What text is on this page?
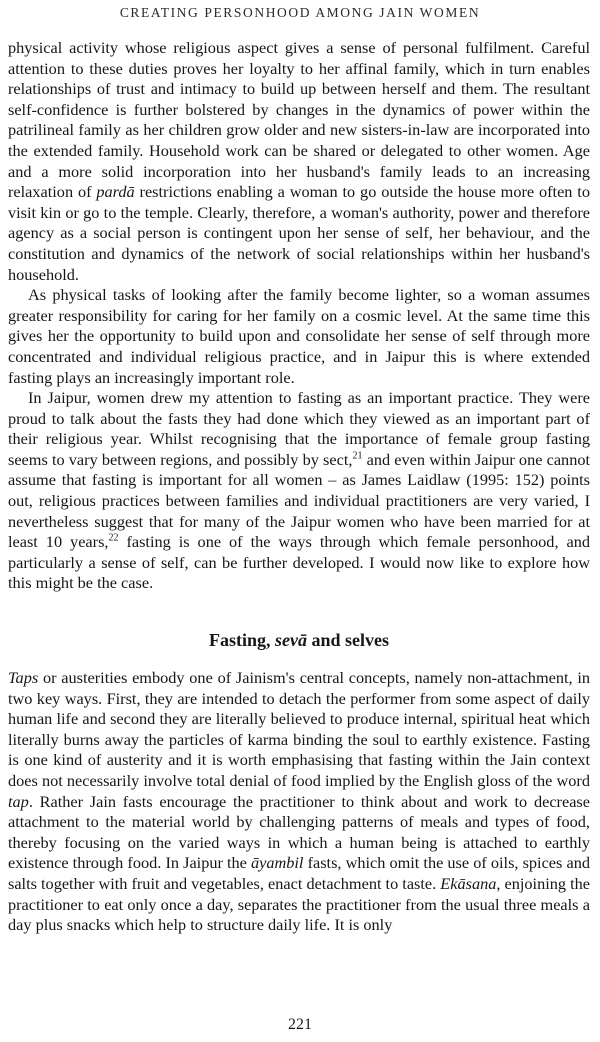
CREATING PERSONHOOD AMONG JAIN WOMEN

physical activity whose religious aspect gives a sense of personal fulfilment. Careful attention to these duties proves her loyalty to her affinal family, which in turn enables relationships of trust and intimacy to build up between herself and them. The resultant self-confidence is further bolstered by changes in the dynamics of power within the patrilineal family as her children grow older and new sisters-in-law are incorporated into the extended family. Household work can be shared or delegated to other women. Age and a more solid incorporation into her husband's family leads to an increasing relaxation of pardā restrictions enabling a woman to go outside the house more often to visit kin or go to the temple. Clearly, therefore, a woman's authority, power and therefore agency as a social person is contingent upon her sense of self, her behaviour, and the constitution and dynamics of the network of social relationships within her husband's household.

As physical tasks of looking after the family become lighter, so a woman assumes greater responsibility for caring for her family on a cosmic level. At the same time this gives her the opportunity to build upon and consolidate her sense of self through more concentrated and individual religious practice, and in Jaipur this is where extended fasting plays an increasingly important role.

In Jaipur, women drew my attention to fasting as an important practice. They were proud to talk about the fasts they had done which they viewed as an important part of their religious year. Whilst recognising that the importance of female group fasting seems to vary between regions, and possibly by sect,$^{21}$ and even within Jaipur one cannot assume that fasting is important for all women – as James Laidlaw (1995: 152) points out, religious practices between families and individual practitioners are very varied, I nevertheless suggest that for many of the Jaipur women who have been married for at least 10 years,$^{22}$ fasting is one of the ways through which female personhood, and particularly a sense of self, can be further developed. I would now like to explore how this might be the case.

Fasting, sevā and selves

Taps or austerities embody one of Jainism's central concepts, namely non-attachment, in two key ways. First, they are intended to detach the performer from some aspect of daily human life and second they are literally believed to produce internal, spiritual heat which literally burns away the particles of karma binding the soul to earthly existence. Fasting is one kind of austerity and it is worth emphasising that fasting within the Jain context does not necessarily involve total denial of food implied by the English gloss of the word tap. Rather Jain fasts encourage the practitioner to think about and work to decrease attachment to the material world by challenging patterns of meals and types of food, thereby focusing on the varied ways in which a human being is attached to earthly existence through food. In Jaipur the āyambil fasts, which omit the use of oils, spices and salts together with fruit and vegetables, enact detachment to taste. Ekāsana, enjoining the practitioner to eat only once a day, separates the practitioner from the usual three meals a day plus snacks which help to structure daily life. It is only

221
